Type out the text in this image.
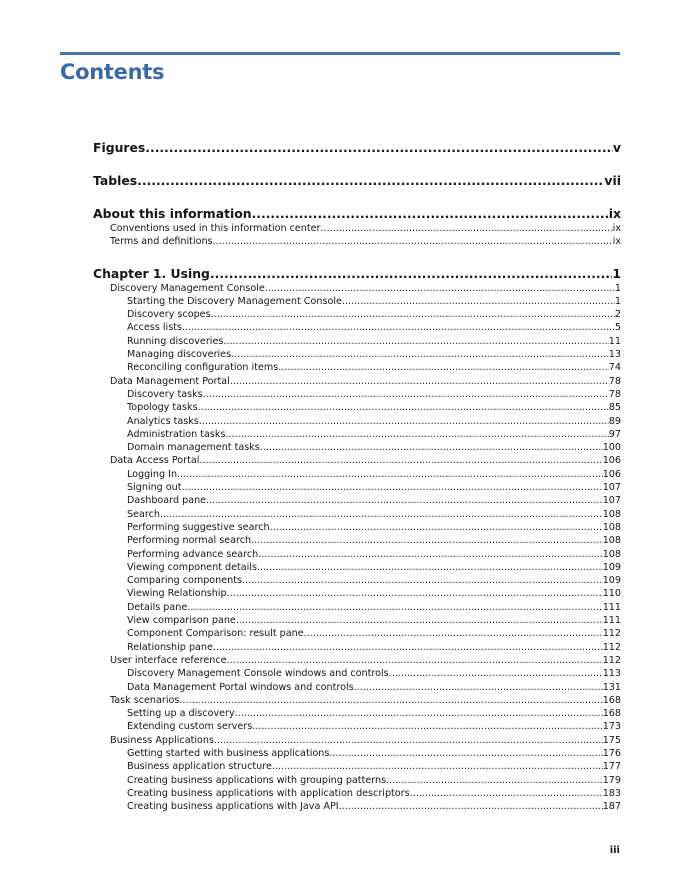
Contents
Figures .....	v
Tables .....	vii
About this information .....	ix
Conventions used in this information center .....	ix
Terms and definitions .....	ix
Chapter 1. Using .....	1
Discovery Management Console .....	1
Starting the Discovery Management Console .....	1
Discovery scopes .....	2
Access lists .....	5
Running discoveries .....	11
Managing discoveries .....	13
Reconciling configuration items .....	74
Data Management Portal .....	78
Discovery tasks .....	78
Topology tasks .....	85
Analytics tasks .....	89
Administration tasks .....	97
Domain management tasks .....	100
Data Access Portal .....	106
Logging In .....	106
Signing out .....	107
Dashboard pane .....	107
Search .....	108
Performing suggestive search .....	108
Performing normal search .....	108
Performing advance search .....	108
Viewing component details .....	109
Comparing components .....	109
Viewing Relationship .....	110
Details pane .....	111
View comparison pane .....	111
Component Comparison: result pane .....	112
Relationship pane .....	112
User interface reference .....	112
Discovery Management Console windows and controls .....	113
Data Management Portal windows and controls .....	131
Task scenarios .....	168
Setting up a discovery .....	168
Extending custom servers .....	173
Business Applications .....	175
Getting started with business applications .....	176
Business application structure .....	177
Creating business applications with grouping patterns .....	179
Creating business applications with application descriptors .....	183
Creating business applications with Java API .....	187
iii
